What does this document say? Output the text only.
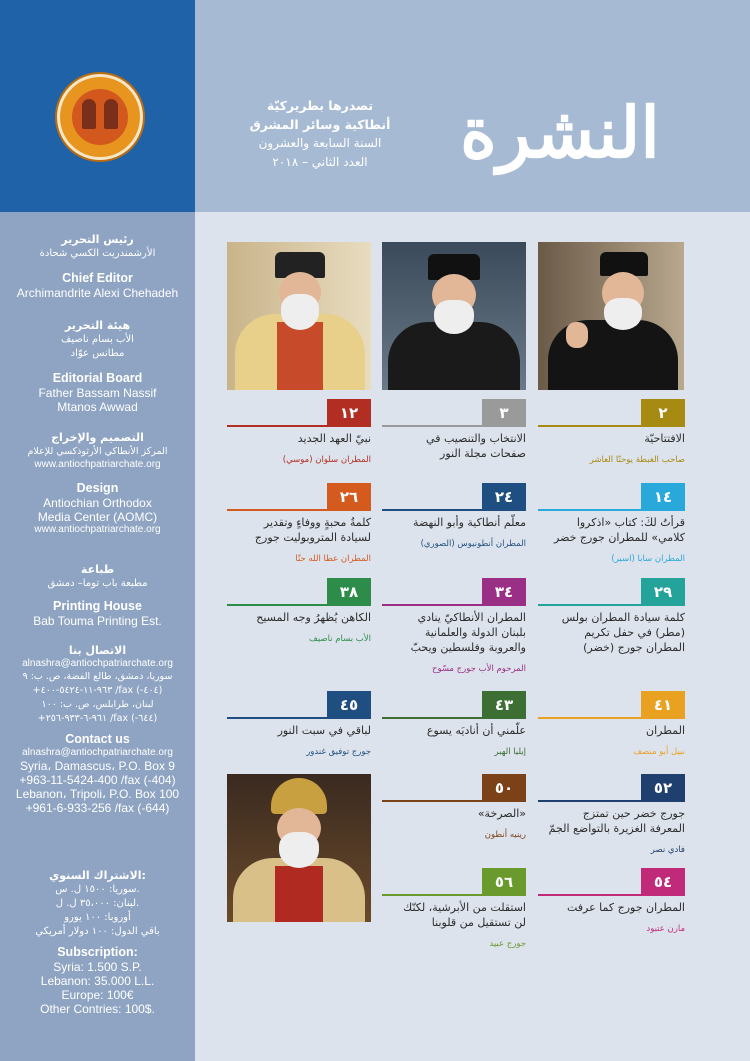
رئيس التحرير
الأرشمندريت الكسي شحادة
Chief Editor
Archimandrite Alexi Chehadeh
هيئة التحرير
الأب بسام ناصيف
مطانس عوّاد
Editorial Board
Father Bassam Nassif
Mtanos Awwad
التصميم والإخراج
المركز الأنطاكي الأرثوذكسي للإعلام
www.antiochpatriarchate.org
Design
Antiochian Orthodox
Media Center (AOMC)
www.antiochpatriarchate.org
طباعة
مطبعة باب توما– دمشق
Printing House
Bab Touma Printing Est.
الاتصال بنا
alnashra@antiochpatriarchate.org
سوريا، دمشق، طالع الفضة، ص. ب: ٩
+٩٦٣-١١-٥٤٢٤-٤٠٠ /fax (-٤٠٤)
لبنان، طرابلس، ص. ب: ١٠٠
+٩٦١-٦-٩٣٣-٢٥٦ /fax (-٦٤٤)
Contact us
alnashra@antiochpatriarchate.org
Syria، Damascus، P.O. Box 9
+963-11-5424-400 /fax (-404)
Lebanon، Tripoli، P.O. Box 100
+961-6-933-256 /fax (-644)
الاشتراك السنوي:
سوريا: ١٥٠٠ ل. س.
لبنان: ٣٥،٠٠٠ ل. ل.
أوروبا: ١٠٠ يورو
باقي الدول: ١٠٠ دولار أمريكي
Subscription:
Syria: 1.500 S.P.
Lebanon: 35.000 L.L.
Europe: 100€
Other Contries: 100$.
النشرة
تصدرها بطريركيّة
أنطاكية وسائر المشرق
السنة السابعة والعشرون
العدد الثاني – ٢٠١٨
٢
الافتتاحيّة
صاحب الغبطة يوحنّا العاشر
٣
الانتخاب والتنصيب في
صفحات مجلة النور
١٢
نبيّ العهد الجديد
المطران سلوان (موسي)
١٤
قرأتُ لكَ: كتاب «اذكروا
كلامي» للمطران جورج خضر
المطران سابا (اسبر)
٢٤
معلّم أنطاكية وأبو النهضة
المطران أنطونيوس (الصوري)
٢٦
كلمةُ محبةٍ ووفاءٍ وتقدير
لسيادة المتروبوليت جورج
المطران عطا الله حنّا
٢٩
كلمة سيادة المطران بولس
(مطر) في حفل تكريم
المطران جورج (خضر)
٣٤
المطران الأنطاكيّ ينادي
بلبنان الدولة والعلمانية
والعروبة وفلسطين ويحبّ
المرحوم الأب جورج مسّوح
٣٨
الكاهن يُظهرُ وجه المسيح
الأب بسام ناصيف
٤١
المطران
نبيل أبو منصف
٤٣
علّمني أن أناديَه يسوع
إيليا الهبر
٤٥
لباقي في سبت النور
جورج توفيق غندور
٥٠
«الصرخة»
رينيه أنطون
٥٢
جورج خضر حين تمتزج
المعرفة الغزيرة بالتواضع الجمّ
فادي نصر
٥٤
المطران جورج كما عرفت
مارن عتبود
٥٦
استقلت من الأبرشية، لكنّك
لن تستقيل من قلوبنا
جورج عبيد
